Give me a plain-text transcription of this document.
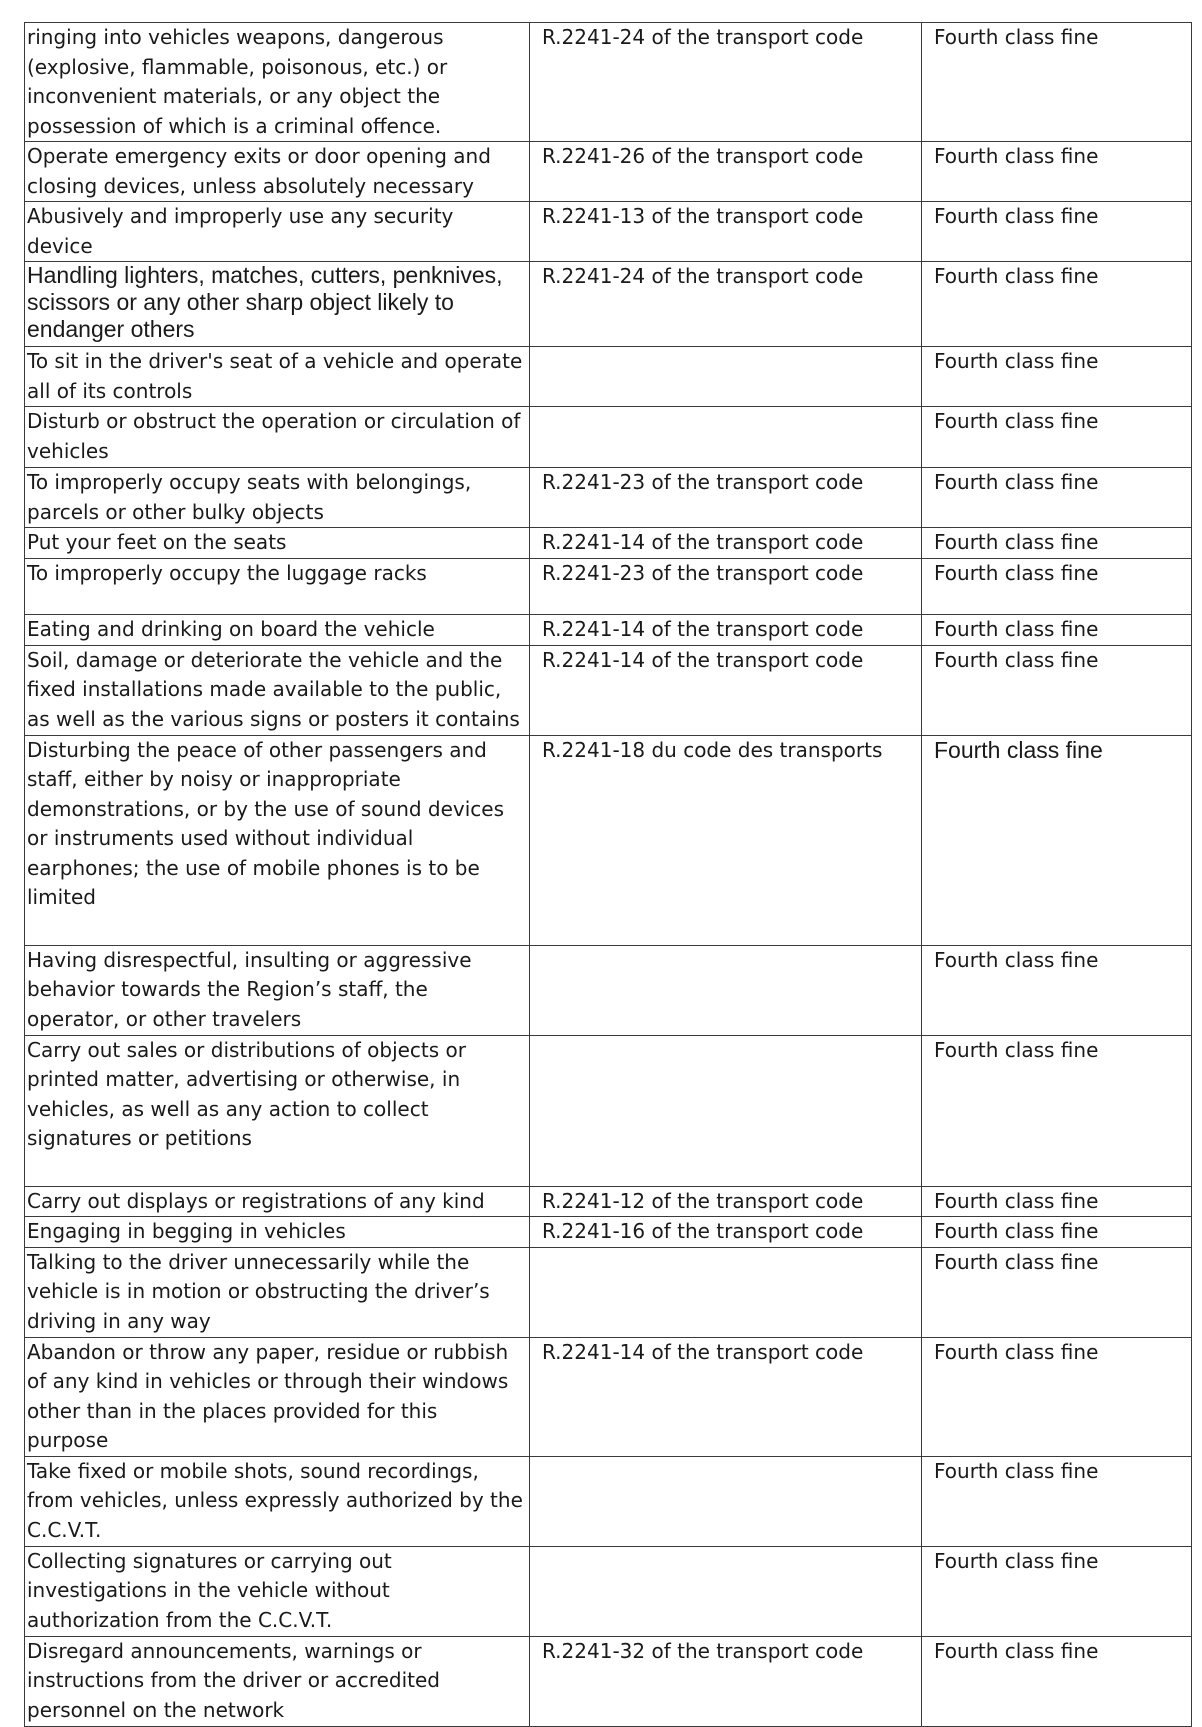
ringing into vehicles weapons, dangerous (explosive, flammable, poisonous, etc.) or inconvenient materials, or any object the possession of which is a criminal offence.	R.2241-24 of the transport code	Fourth class fine
Operate emergency exits or door opening and closing devices, unless absolutely necessary	R.2241-26 of the transport code	Fourth class fine
Abusively and improperly use any security device	R.2241-13 of the transport code	Fourth class fine
Handling lighters, matches, cutters, penknives, scissors or any other sharp object likely to endanger others	R.2241-24 of the transport code	Fourth class fine
To sit in the driver's seat of a vehicle and operate all of its controls		Fourth class fine
Disturb or obstruct the operation or circulation of vehicles		Fourth class fine
To improperly occupy seats with belongings, parcels or other bulky objects	R.2241-23 of the transport code	Fourth class fine
Put your feet on the seats	R.2241-14 of the transport code	Fourth class fine
To improperly occupy the luggage racks	R.2241-23 of the transport code	Fourth class fine
Eating and drinking on board the vehicle	R.2241-14 of the transport code	Fourth class fine
Soil, damage or deteriorate the vehicle and the fixed installations made available to the public, as well as the various signs or posters it contains	R.2241-14 of the transport code	Fourth class fine
Disturbing the peace of other passengers and staff, either by noisy or inappropriate demonstrations, or by the use of sound devices or instruments used without individual earphones; the use of mobile phones is to be limited	R.2241-18 du code des transports	Fourth class fine
Having disrespectful, insulting or aggressive behavior towards the Region’s staff, the operator, or other travelers		Fourth class fine
Carry out sales or distributions of objects or printed matter, advertising or otherwise, in vehicles, as well as any action to collect signatures or petitions		Fourth class fine
Carry out displays or registrations of any kind	R.2241-12 of the transport code	Fourth class fine
Engaging in begging in vehicles	R.2241-16 of the transport code	Fourth class fine
Talking to the driver unnecessarily while the vehicle is in motion or obstructing the driver’s driving in any way		Fourth class fine
Abandon or throw any paper, residue or rubbish of any kind in vehicles or through their windows other than in the places provided for this purpose	R.2241-14 of the transport code	Fourth class fine
Take fixed or mobile shots, sound recordings, from vehicles, unless expressly authorized by the C.C.V.T.		Fourth class fine
Collecting signatures or carrying out investigations in the vehicle without authorization from the C.C.V.T.		Fourth class fine
Disregard announcements, warnings or instructions from the driver or accredited personnel on the network	R.2241-32 of the transport code	Fourth class fine
